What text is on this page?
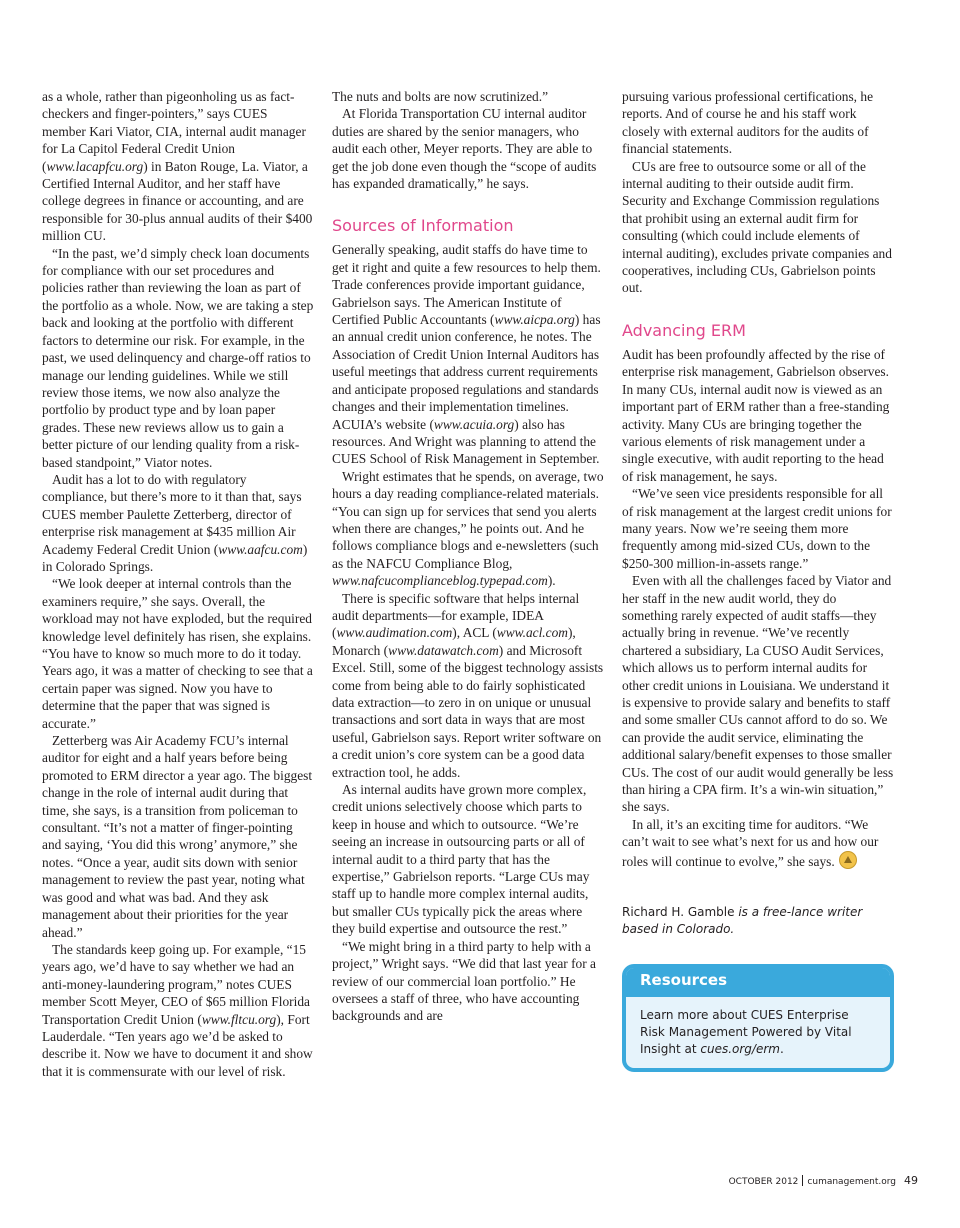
as a whole, rather than pigeonholing us as fact-checkers and finger-pointers,” says CUES member Kari Viator, CIA, internal audit manager for La Capitol Federal Credit Union (www.lacapfcu.org) in Baton Rouge, La. Viator, a Certified Internal Auditor, and her staff have college degrees in finance or accounting, and are responsible for 30-plus annual audits of their $400 million CU.

“In the past, we’d simply check loan documents for compliance with our set procedures and policies rather than reviewing the loan as part of the portfolio as a whole. Now, we are taking a step back and looking at the portfolio with different factors to determine our risk. For example, in the past, we used delinquency and charge-off ratios to manage our lending guidelines. While we still review those items, we now also analyze the portfolio by product type and by loan paper grades. These new reviews allow us to gain a better picture of our lending quality from a risk-based standpoint,” Viator notes.

Audit has a lot to do with regulatory compliance, but there’s more to it than that, says CUES member Paulette Zetterberg, director of enterprise risk management at $435 million Air Academy Federal Credit Union (www.aafcu.com) in Colorado Springs.

“We look deeper at internal controls than the examiners require,” she says. Overall, the workload may not have exploded, but the required knowledge level definitely has risen, she explains. “You have to know so much more to do it today. Years ago, it was a matter of checking to see that a certain paper was signed. Now you have to determine that the paper that was signed is accurate.”

Zetterberg was Air Academy FCU’s internal auditor for eight and a half years before being promoted to ERM director a year ago. The biggest change in the role of internal audit during that time, she says, is a transition from policeman to consultant. “It’s not a matter of finger-pointing and saying, ‘You did this wrong’ anymore,” she notes. “Once a year, audit sits down with senior management to review the past year, noting what was good and what was bad. And they ask management about their priorities for the year ahead.”

The standards keep going up. For example, “15 years ago, we’d have to say whether we had an anti-money-laundering program,” notes CUES member Scott Meyer, CEO of $65 million Florida Transportation Credit Union (www.fltcu.org), Fort Lauderdale. “Ten years ago we’d be asked to describe it. Now we have to document it and show that it is commensurate with our level of risk.

The nuts and bolts are now scrutinized.”

At Florida Transportation CU internal auditor duties are shared by the senior managers, who audit each other, Meyer reports. They are able to get the job done even though the “scope of audits has expanded dramatically,” he says.

Sources of Information

Generally speaking, audit staffs do have time to get it right and quite a few resources to help them. Trade conferences provide important guidance, Gabrielson says. The American Institute of Certified Public Accountants (www.aicpa.org) has an annual credit union conference, he notes. The Association of Credit Union Internal Auditors has useful meetings that address current requirements and anticipate proposed regulations and standards changes and their implementation timelines. ACUIA’s website (www.acuia.org) also has resources. And Wright was planning to attend the CUES School of Risk Management in September.

Wright estimates that he spends, on average, two hours a day reading compliance-related materials. “You can sign up for services that send you alerts when there are changes,” he points out. And he follows compliance blogs and e-newsletters (such as the NAFCU Compliance Blog, www.nafcucomplianceblog.typepad.com).

There is specific software that helps internal audit departments—for example, IDEA (www.audimation.com), ACL (www.acl.com), Monarch (www.datawatch.com) and Microsoft Excel. Still, some of the biggest technology assists come from being able to do fairly sophisticated data extraction—to zero in on unique or unusual transactions and sort data in ways that are most useful, Gabrielson says. Report writer software on a credit union’s core system can be a good data extraction tool, he adds.

As internal audits have grown more complex, credit unions selectively choose which parts to keep in house and which to outsource. “We’re seeing an increase in outsourcing parts or all of internal audit to a third party that has the expertise,” Gabrielson reports. “Large CUs may staff up to handle more complex internal audits, but smaller CUs typically pick the areas where they build expertise and outsource the rest.”

“We might bring in a third party to help with a project,” Wright says. “We did that last year for a review of our commercial loan portfolio.” He oversees a staff of three, who have accounting backgrounds and are

pursuing various professional certifications, he reports. And of course he and his staff work closely with external auditors for the audits of financial statements.

CUs are free to outsource some or all of the internal auditing to their outside audit firm. Security and Exchange Commission regulations that prohibit using an external audit firm for consulting (which could include elements of internal auditing), excludes private companies and cooperatives, including CUs, Gabrielson points out.

Advancing ERM

Audit has been profoundly affected by the rise of enterprise risk management, Gabrielson observes. In many CUs, internal audit now is viewed as an important part of ERM rather than a free-standing activity. Many CUs are bringing together the various elements of risk management under a single executive, with audit reporting to the head of risk management, he says.

“We’ve seen vice presidents responsible for all of risk management at the largest credit unions for many years. Now we’re seeing them more frequently among mid-sized CUs, down to the $250-300 million-in-assets range.”

Even with all the challenges faced by Viator and her staff in the new audit world, they do something rarely expected of audit staffs—they actually bring in revenue. “We’ve recently chartered a subsidiary, La CUSO Audit Services, which allows us to perform internal audits for other credit unions in Louisiana. We understand it is expensive to provide salary and benefits to staff and some smaller CUs cannot afford to do so. We can provide the audit service, eliminating the additional salary/benefit expenses to those smaller CUs. The cost of our audit would generally be less than hiring a CPA firm. It’s a win-win situation,” she says.

In all, it’s an exciting time for auditors. “We can’t wait to see what’s next for us and how our roles will continue to evolve,” she says.

Richard H. Gamble is a free-lance writer based in Colorado.
Resources
Learn more about CUES Enterprise Risk Management Powered by Vital Insight at cues.org/erm.
OCTOBER 2012 cumanagement.org 49
